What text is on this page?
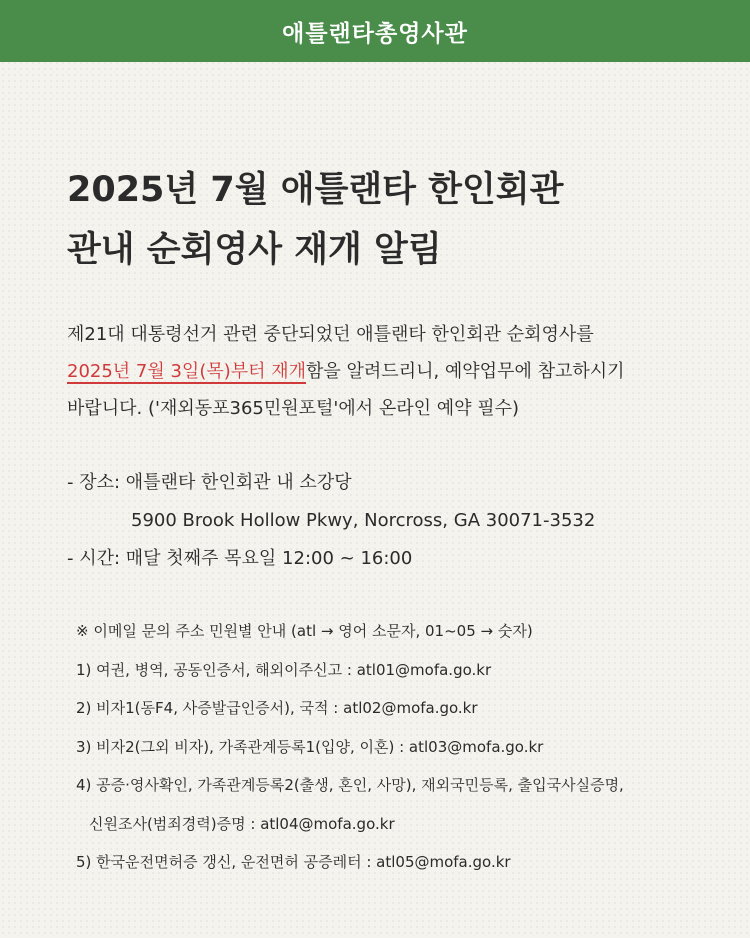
애틀랜타총영사관
2025년 7월 애틀랜타 한인회관
관내 순회영사 재개 알림
제21대 대통령선거 관련 중단되었던 애틀랜타 한인회관 순회영사를
2025년 7월 3일(목)부터 재개함을 알려드리니, 예약업무에 참고하시기
바랍니다. ('재외동포365민원포털'에서 온라인 예약 필수)
- 장소: 애틀랜타 한인회관 내 소강당
5900 Brook Hollow Pkwy, Norcross, GA 30071-3532
- 시간: 매달 첫째주 목요일 12:00 ~ 16:00
※ 이메일 문의 주소 민원별 안내 (atl → 영어 소문자, 01~05 → 숫자)
1) 여권, 병역, 공동인증서, 해외이주신고 : atl01@mofa.go.kr
2) 비자1(동F4, 사증발급인증서), 국적 : atl02@mofa.go.kr
3) 비자2(그외 비자), 가족관계등록1(입양, 이혼) : atl03@mofa.go.kr
4) 공증·영사확인, 가족관계등록2(출생, 혼인, 사망), 재외국민등록, 출입국사실증명,
신원조사(범죄경력)증명 : atl04@mofa.go.kr
5) 한국운전면허증 갱신, 운전면허 공증레터 : atl05@mofa.go.kr
